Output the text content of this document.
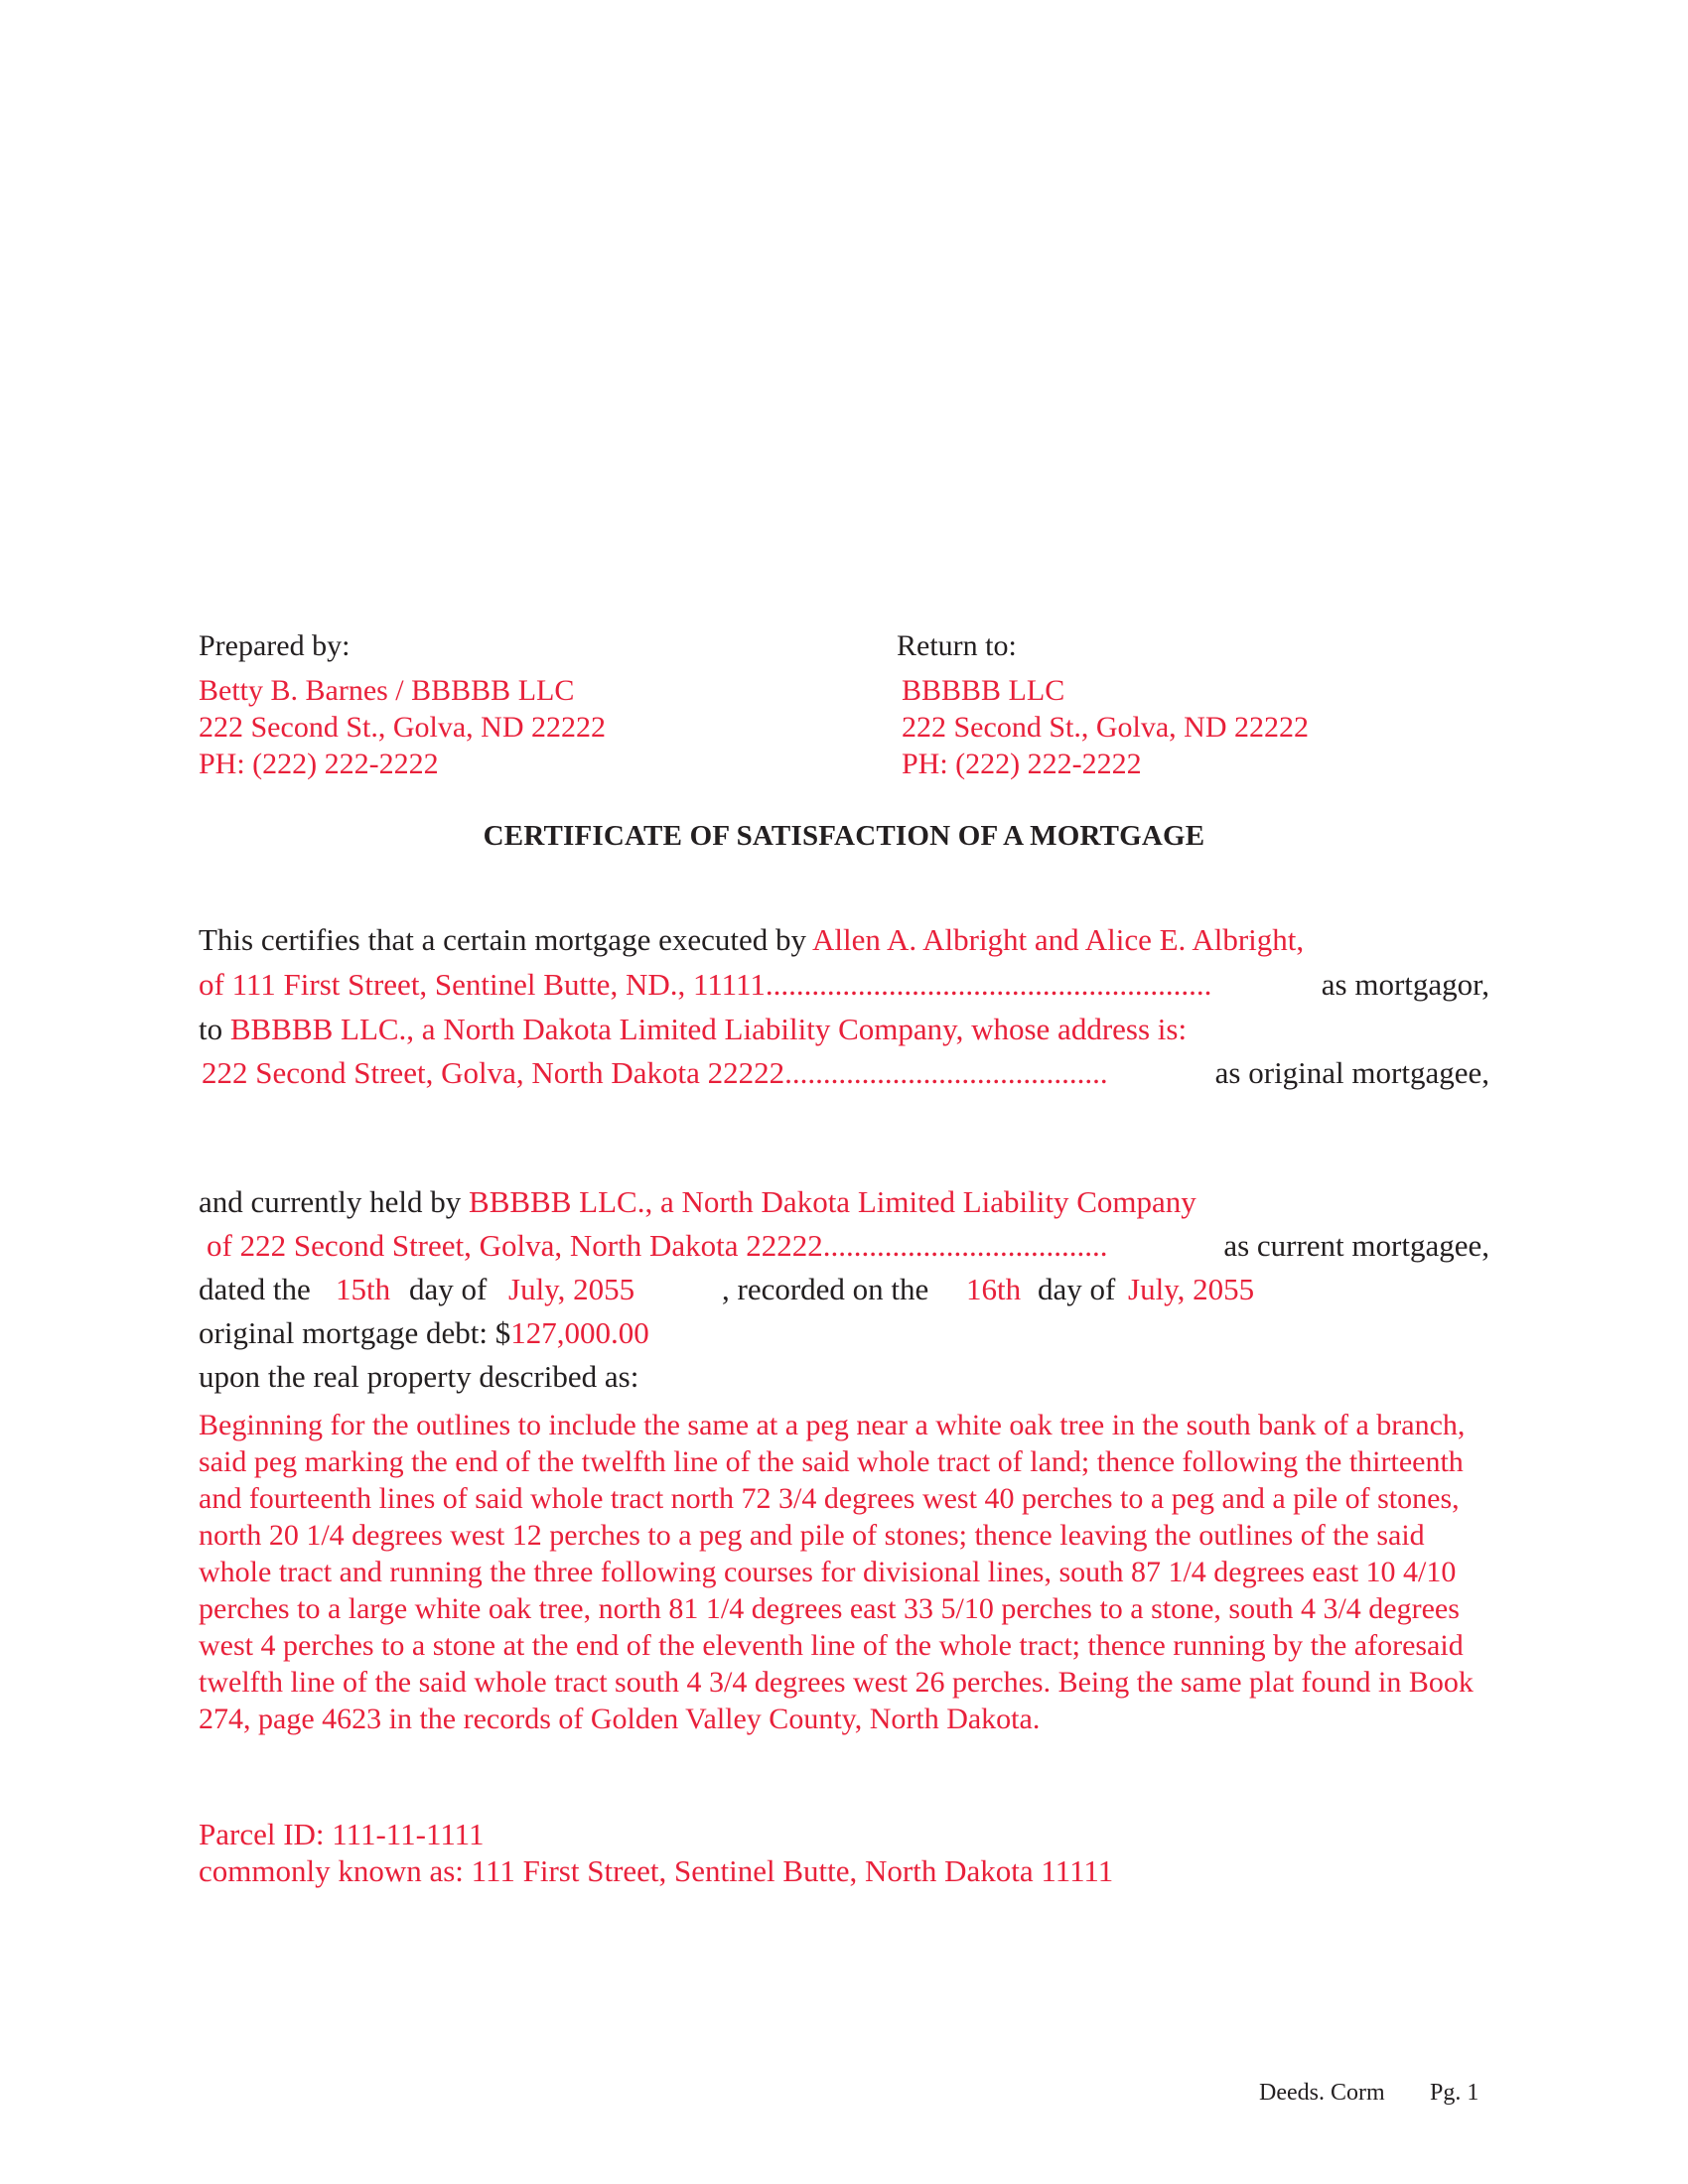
Prepared by:
Betty B. Barnes / BBBBB LLC
222 Second St., Golva, ND 22222
PH: (222) 222-2222
Return to:
BBBBB LLC
222 Second St., Golva, ND 22222
PH: (222) 222-2222
CERTIFICATE OF SATISFACTION OF A MORTGAGE
This certifies that a certain mortgage executed by Allen A. Albright and Alice E. Albright,
of 111 First Street, Sentinel Butte, ND., 11111..........................................................	as mortgagor,
to BBBBB LLC., a North Dakota Limited Liability Company, whose address is:
222 Second Street, Golva, North Dakota 22222..........................................	as original mortgagee,
and currently held by BBBBB LLC., a North Dakota Limited Liability Company
of 222 Second Street, Golva, North Dakota 22222.....................................	as current mortgagee,
dated the 15th day of July, 2055	, recorded on the 16th day of July, 2055
original mortgage debt: $127,000.00
upon the real property described as:
Beginning for the outlines to include the same at a peg near a white oak tree in the south bank of a branch, said peg marking the end of the twelfth line of the said whole tract of land; thence following the thirteenth and fourteenth lines of said whole tract north 72 3/4 degrees west 40 perches to a peg and a pile of stones, north 20 1/4 degrees west 12 perches to a peg and pile of stones; thence leaving the outlines of the said whole tract and running the three following courses for divisional lines, south 87 1/4 degrees east 10 4/10 perches to a large white oak tree, north 81 1/4 degrees east 33 5/10 perches to a stone, south 4 3/4 degrees west 4 perches to a stone at the end of the eleventh line of the whole tract; thence running by the aforesaid twelfth line of the said whole tract south 4 3/4 degrees west 26 perches. Being the same plat found in Book 274, page 4623 in the records of Golden Valley County, North Dakota.
Parcel ID: 111-11-1111
commonly known as: 111 First Street, Sentinel Butte, North Dakota 11111
Deeds. Corm Pg. 1
